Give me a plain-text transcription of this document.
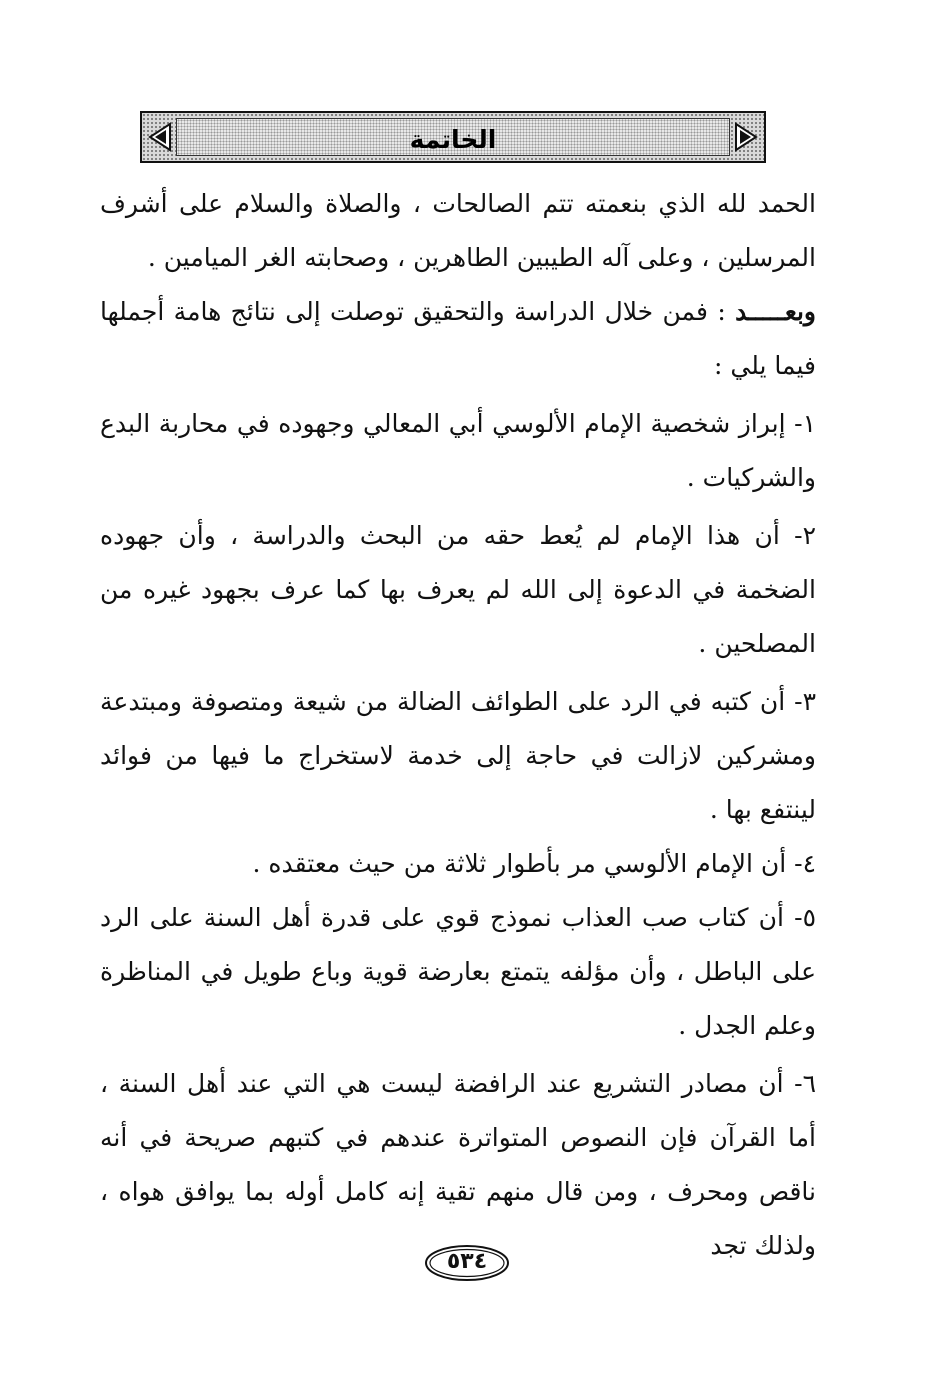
الخاتمة

الحمد لله الذي بنعمته تتم الصالحات ، والصلاة والسلام على أشرف المرسلين ، وعلى آله الطيبين الطاهرين ، وصحابته الغر الميامين .

وبعـــــد : فمن خلال الدراسة والتحقيق توصلت إلى نتائج هامة أجملها فيما يلي :

١- إبراز شخصية الإمام الألوسي أبي المعالي وجهوده في محاربة البدع والشركيات .

٢- أن هذا الإمام لم يُعط حقه من البحث والدراسة ، وأن جهوده الضخمة في الدعوة إلى الله لم يعرف بها كما عرف بجهود غيره من المصلحين .

٣- أن كتبه في الرد على الطوائف الضالة من شيعة ومتصوفة ومبتدعة ومشركين لازالت في حاجة إلى خدمة لاستخراج ما فيها من فوائد لينتفع بها .

٤- أن الإمام الألوسي مر بأطوار ثلاثة من حيث معتقده .

٥- أن كتاب صب العذاب نموذج قوي على قدرة أهل السنة على الرد على الباطل ، وأن مؤلفه يتمتع بعارضة قوية وباع طويل في المناظرة وعلم الجدل .

٦- أن مصادر التشريع عند الرافضة ليست هي التي عند أهل السنة ، أما القرآن فإن النصوص المتواترة عندهم في كتبهم صريحة في أنه ناقص ومحرف ، ومن قال منهم تقية إنه كامل أوله بما يوافق هواه ، ولذلك تجد

٥٣٤
